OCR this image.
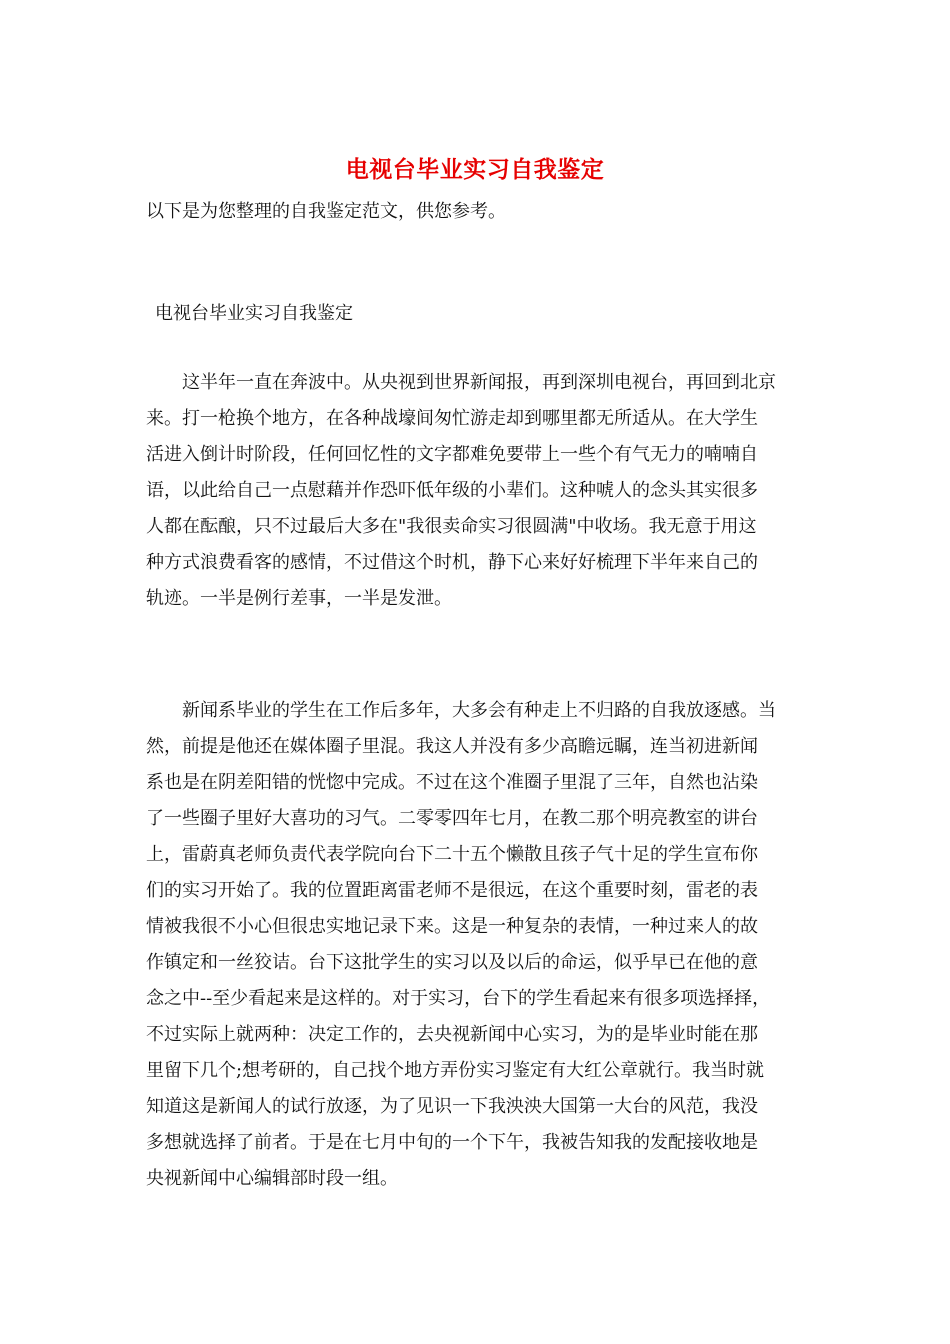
电视台毕业实习自我鉴定
以下是为您整理的自我鉴定范文，供您参考。
电视台毕业实习自我鉴定
　　这半年一直在奔波中。从央视到世界新闻报，再到深圳电视台，再回到北京
来。打一枪换个地方，在各种战壕间匆忙游走却到哪里都无所适从。在大学生
活进入倒计时阶段，任何回忆性的文字都难免要带上一些个有气无力的喃喃自
语，以此给自己一点慰藉并作恐吓低年级的小辈们。这种唬人的念头其实很多
人都在酝酿，只不过最后大多在"我很卖命实习很圆满"中收场。我无意于用这
种方式浪费看客的感情，不过借这个时机，静下心来好好梳理下半年来自己的
轨迹。一半是例行差事，一半是发泄。
　　新闻系毕业的学生在工作后多年，大多会有种走上不归路的自我放逐感。当
然，前提是他还在媒体圈子里混。我这人并没有多少高瞻远瞩，连当初进新闻
系也是在阴差阳错的恍惚中完成。不过在这个准圈子里混了三年，自然也沾染
了一些圈子里好大喜功的习气。二零零四年七月，在教二那个明亮教室的讲台
上，雷蔚真老师负责代表学院向台下二十五个懒散且孩子气十足的学生宣布你
们的实习开始了。我的位置距离雷老师不是很远，在这个重要时刻，雷老的表
情被我很不小心但很忠实地记录下来。这是一种复杂的表情，一种过来人的故
作镇定和一丝狡诘。台下这批学生的实习以及以后的命运，似乎早已在他的意
念之中--至少看起来是这样的。对于实习，台下的学生看起来有很多项选择择，
不过实际上就两种：决定工作的，去央视新闻中心实习，为的是毕业时能在那
里留下几个;想考研的，自己找个地方弄份实习鉴定有大红公章就行。我当时就
知道这是新闻人的试行放逐，为了见识一下我泱泱大国第一大台的风范，我没
多想就选择了前者。于是在七月中旬的一个下午，我被告知我的发配接收地是
央视新闻中心编辑部时段一组。
